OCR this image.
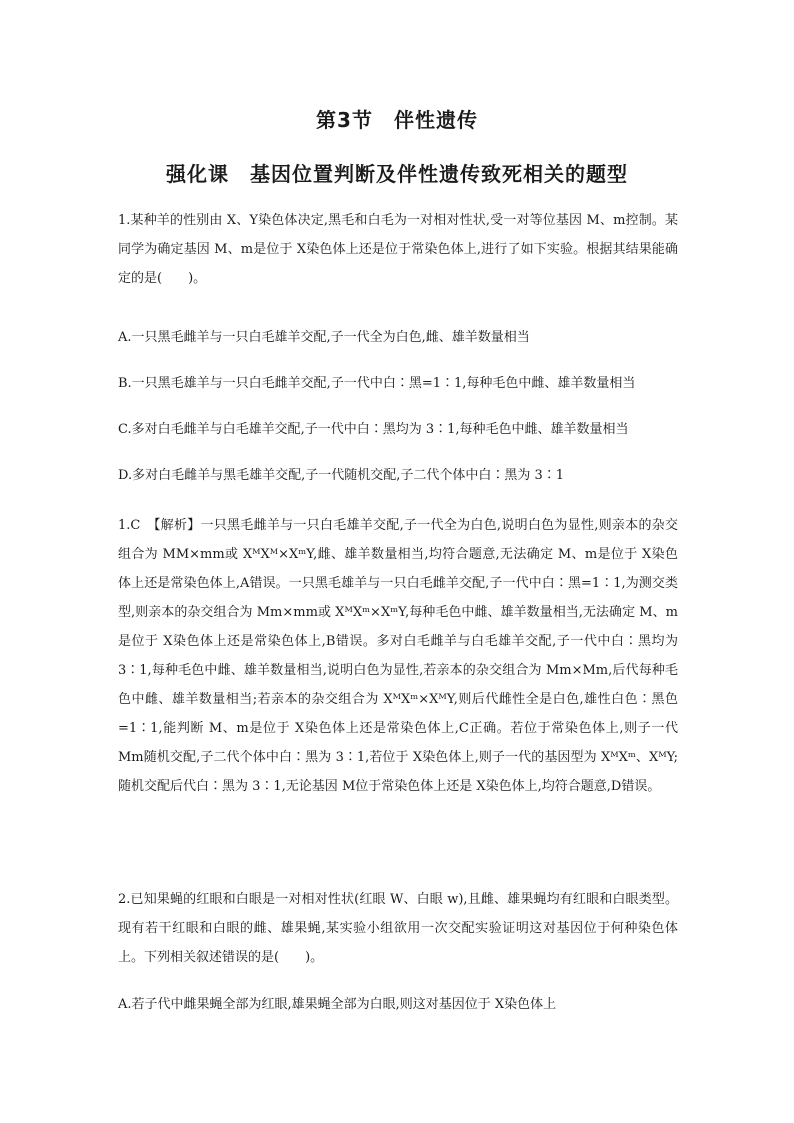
第3节　伴性遗传
强化课　基因位置判断及伴性遗传致死相关的题型
1.某种羊的性别由 X、Y染色体决定,黑毛和白毛为一对相对性状,受一对等位基因 M、m控制。某同学为确定基因 M、m是位于 X染色体上还是位于常染色体上,进行了如下实验。根据其结果能确定的是(　　)。
A.一只黑毛雌羊与一只白毛雄羊交配,子一代全为白色,雌、雄羊数量相当
B.一只黑毛雄羊与一只白毛雌羊交配,子一代中白∶黑=1∶1,每种毛色中雌、雄羊数量相当
C.多对白毛雌羊与白毛雄羊交配,子一代中白∶黑均为 3∶1,每种毛色中雌、雄羊数量相当
D.多对白毛雌羊与黑毛雄羊交配,子一代随机交配,子二代个体中白∶黑为 3∶1
1.C　【解析】一只黑毛雌羊与一只白毛雄羊交配,子一代全为白色,说明白色为显性,则亲本的杂交组合为 MM×mm或 XᴹXᴹ×XᵐY,雌、雄羊数量相当,均符合题意,无法确定 M、m是位于 X染色体上还是常染色体上,A错误。一只黑毛雄羊与一只白毛雌羊交配,子一代中白∶黑=1∶1,为测交类型,则亲本的杂交组合为 Mm×mm或 XᴹXᵐ×XᵐY,每种毛色中雌、雄羊数量相当,无法确定 M、m是位于 X染色体上还是常染色体上,B错误。多对白毛雌羊与白毛雄羊交配,子一代中白∶黑均为 3∶1,每种毛色中雌、雄羊数量相当,说明白色为显性,若亲本的杂交组合为 Mm×Mm,后代每种毛色中雌、雄羊数量相当;若亲本的杂交组合为 XᴹXᵐ×XᴹY,则后代雌性全是白色,雄性白色∶黑色=1∶1,能判断 M、m是位于 X染色体上还是常染色体上,C正确。若位于常染色体上,则子一代 Mm随机交配,子二代个体中白∶黑为 3∶1,若位于 X染色体上,则子一代的基因型为 XᴹXᵐ、XᴹY;随机交配后代白∶黑为 3∶1,无论基因 M位于常染色体上还是 X染色体上,均符合题意,D错误。
2.已知果蝇的红眼和白眼是一对相对性状(红眼 W、白眼 w),且雌、雄果蝇均有红眼和白眼类型。现有若干红眼和白眼的雌、雄果蝇,某实验小组欲用一次交配实验证明这对基因位于何种染色体上。下列相关叙述错误的是(　　)。
A.若子代中雌果蝇全部为红眼,雄果蝇全部为白眼,则这对基因位于 X染色体上
